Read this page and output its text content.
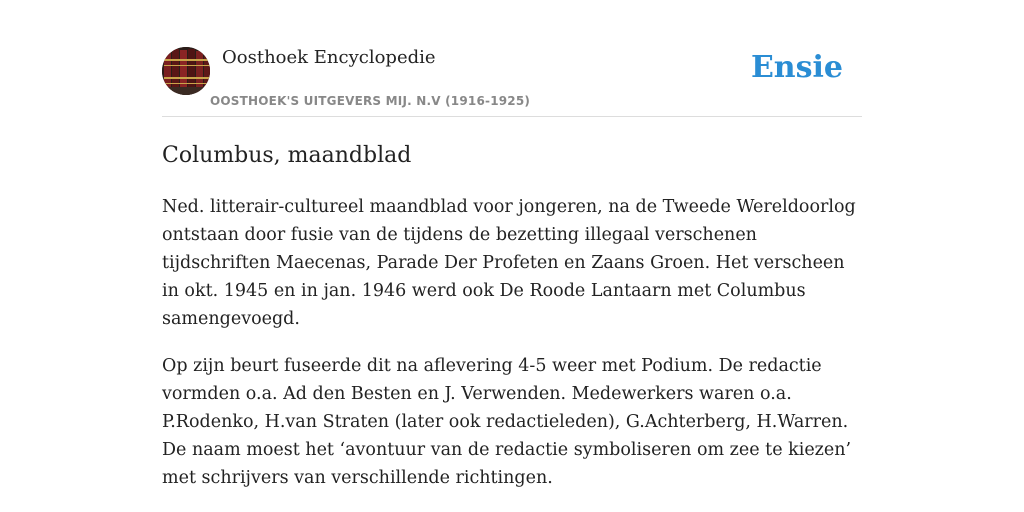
Oosthoek Encyclopedie
OOSTHOEK'S UITGEVERS MIJ. N.V (1916-1925)
Ensie
Columbus, maandblad

Ned. litterair-cultureel maandblad voor jongeren, na de Tweede Wereldoorlog ontstaan door fusie van de tijdens de bezetting illegaal verschenen tijdschriften Maecenas, Parade Der Profeten en Zaans Groen. Het verscheen in okt. 1945 en in jan. 1946 werd ook De Roode Lantaarn met Columbus samengevoegd.

Op zijn beurt fuseerde dit na aflevering 4-5 weer met Podium. De redactie vormden o.a. Ad den Besten en J. Verwenden. Medewerkers waren o.a. P.Rodenko, H.van Straten (later ook redactieleden), G.Achterberg, H.Warren. De naam moest het ‘avontuur van de redactie symboliseren om zee te kiezen’ met schrijvers van verschillende richtingen.
